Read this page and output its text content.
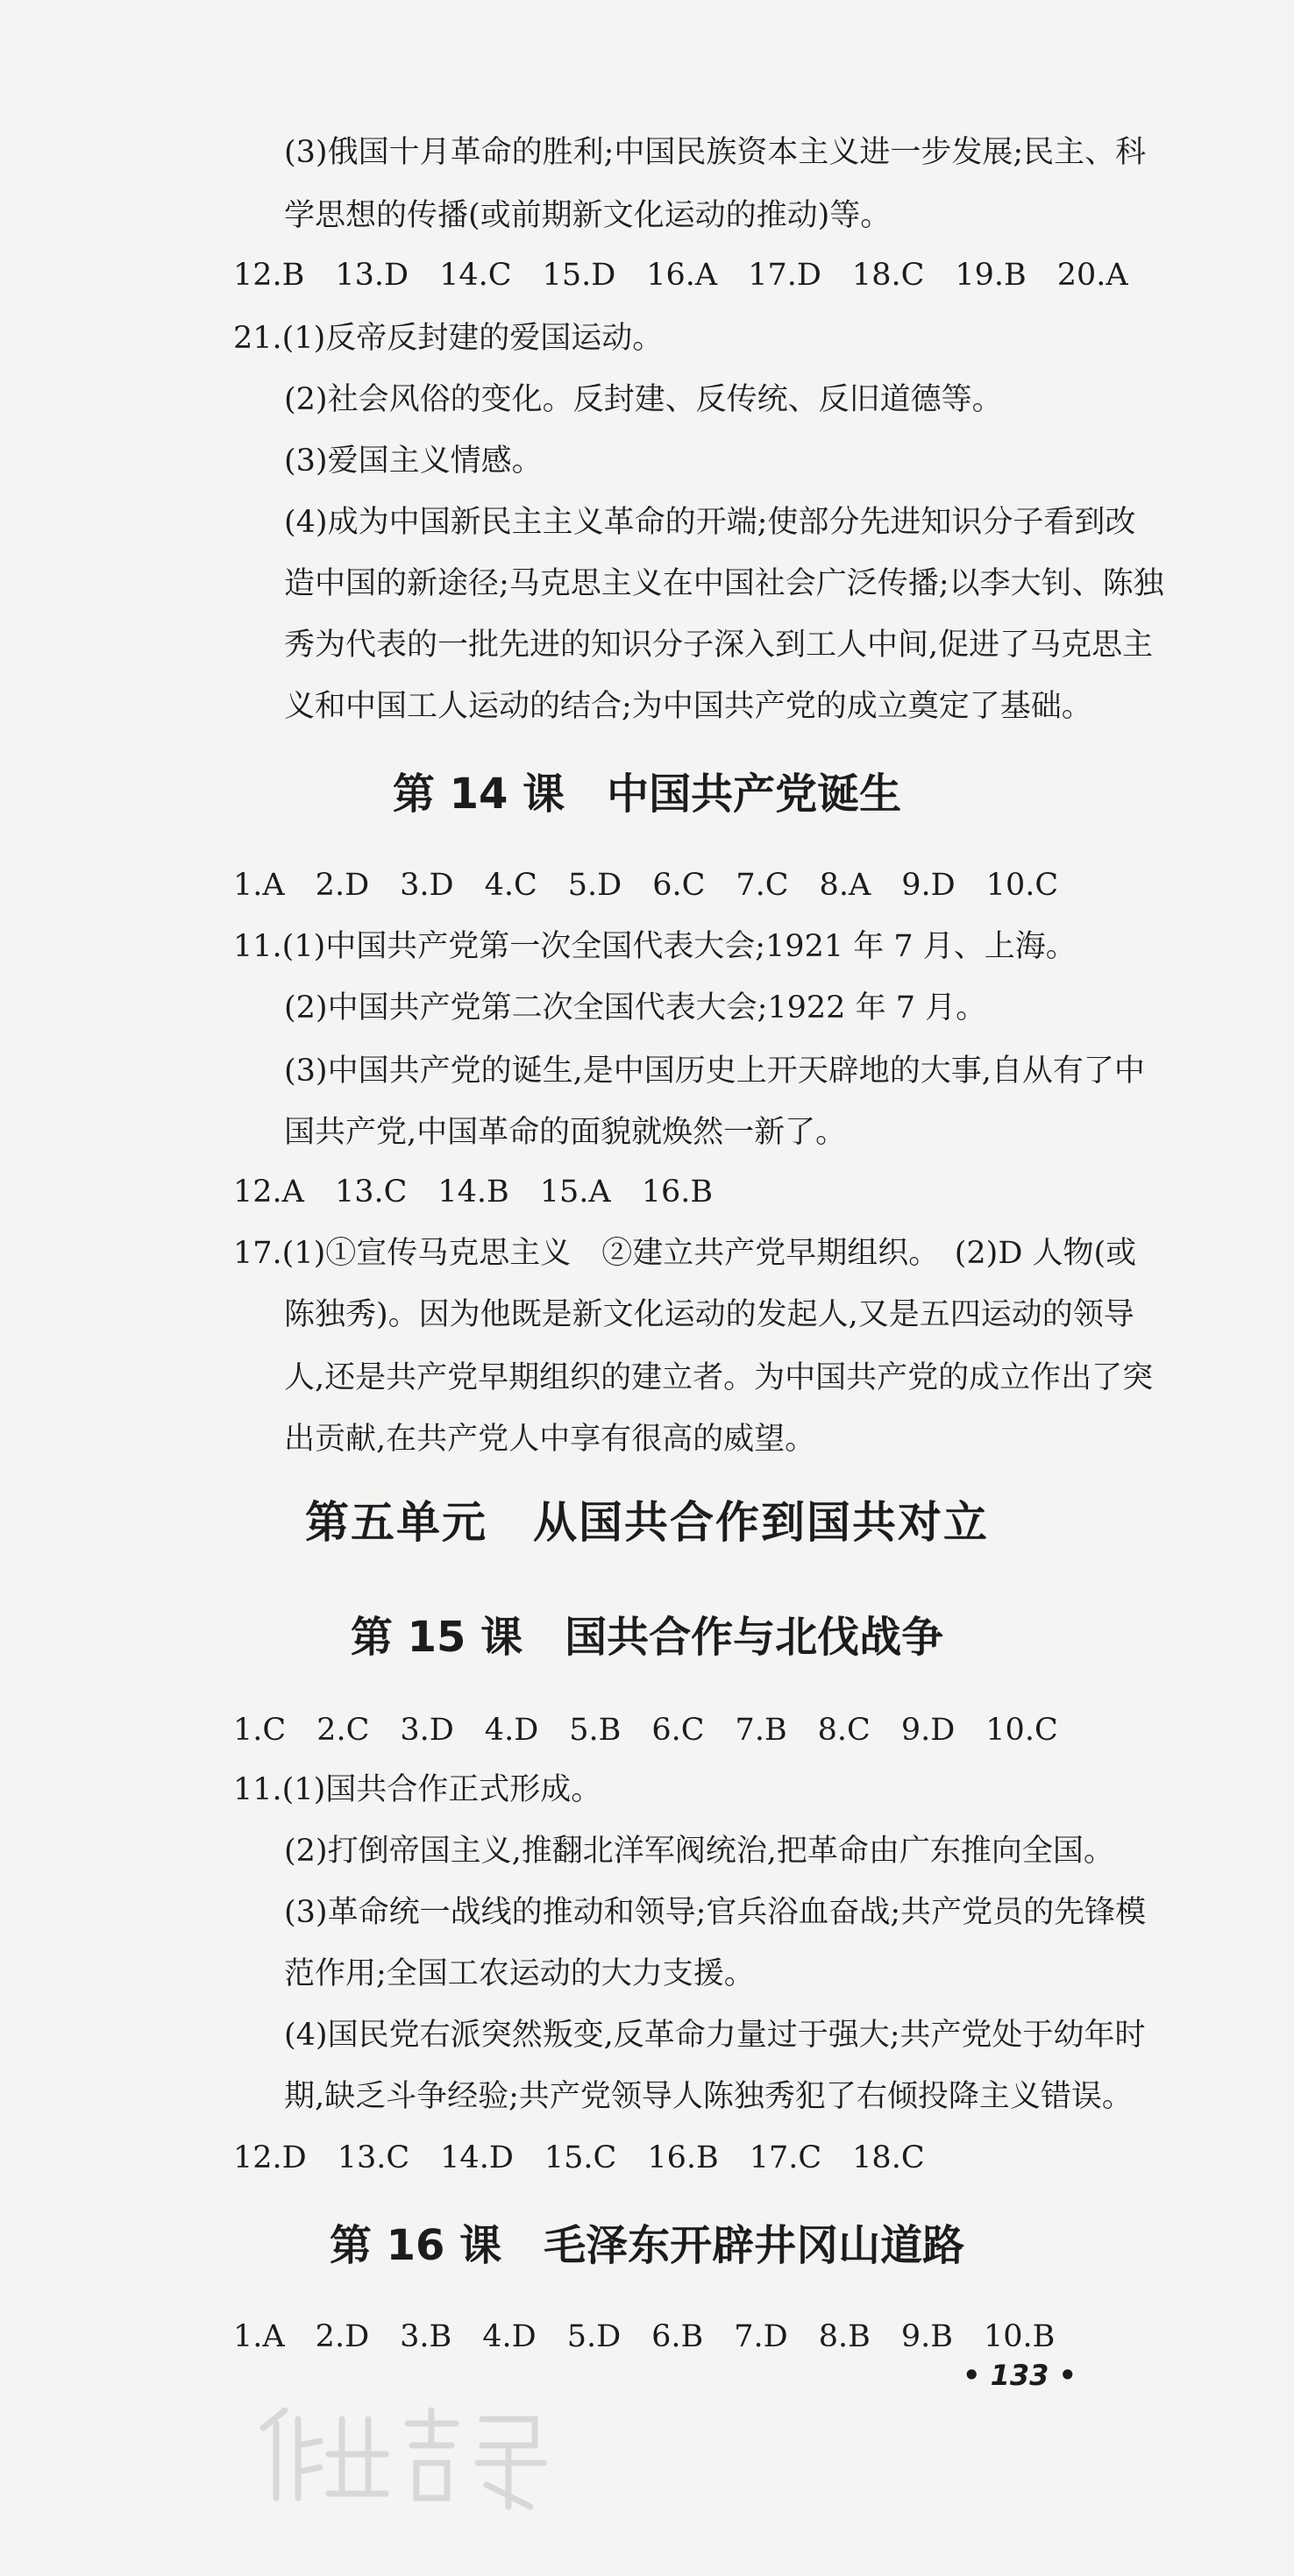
(3)俄国十月革命的胜利;中国民族资本主义进一步发展;民主、科
学思想的传播(或前期新文化运动的推动)等。
12.B　13.D　14.C　15.D　16.A　17.D　18.C　19.B　20.A
21.(1)反帝反封建的爱国运动。
(2)社会风俗的变化。反封建、反传统、反旧道德等。
(3)爱国主义情感。
(4)成为中国新民主主义革命的开端;使部分先进知识分子看到改
造中国的新途径;马克思主义在中国社会广泛传播;以李大钊、陈独
秀为代表的一批先进的知识分子深入到工人中间,促进了马克思主
义和中国工人运动的结合;为中国共产党的成立奠定了基础。
第 14 课　中国共产党诞生
1.A　2.D　3.D　4.C　5.D　6.C　7.C　8.A　9.D　10.C
11.(1)中国共产党第一次全国代表大会;1921 年 7 月、上海。
(2)中国共产党第二次全国代表大会;1922 年 7 月。
(3)中国共产党的诞生,是中国历史上开天辟地的大事,自从有了中
国共产党,中国革命的面貌就焕然一新了。
12.A　13.C　14.B　15.A　16.B
17.(1)①宣传马克思主义　②建立共产党早期组织。　(2)D 人物(或
陈独秀)。因为他既是新文化运动的发起人,又是五四运动的领导
人,还是共产党早期组织的建立者。为中国共产党的成立作出了突
出贡献,在共产党人中享有很高的威望。
第五单元　从国共合作到国共对立
第 15 课　国共合作与北伐战争
1.C　2.C　3.D　4.D　5.B　6.C　7.B　8.C　9.D　10.C
11.(1)国共合作正式形成。
(2)打倒帝国主义,推翻北洋军阀统治,把革命由广东推向全国。
(3)革命统一战线的推动和领导;官兵浴血奋战;共产党员的先锋模
范作用;全国工农运动的大力支援。
(4)国民党右派突然叛变,反革命力量过于强大;共产党处于幼年时
期,缺乏斗争经验;共产党领导人陈独秀犯了右倾投降主义错误。
12.D　13.C　14.D　15.C　16.B　17.C　18.C
第 16 课　毛泽东开辟井冈山道路
1.A　2.D　3.B　4.D　5.D　6.B　7.D　8.B　9.B　10.B
• 133 •
